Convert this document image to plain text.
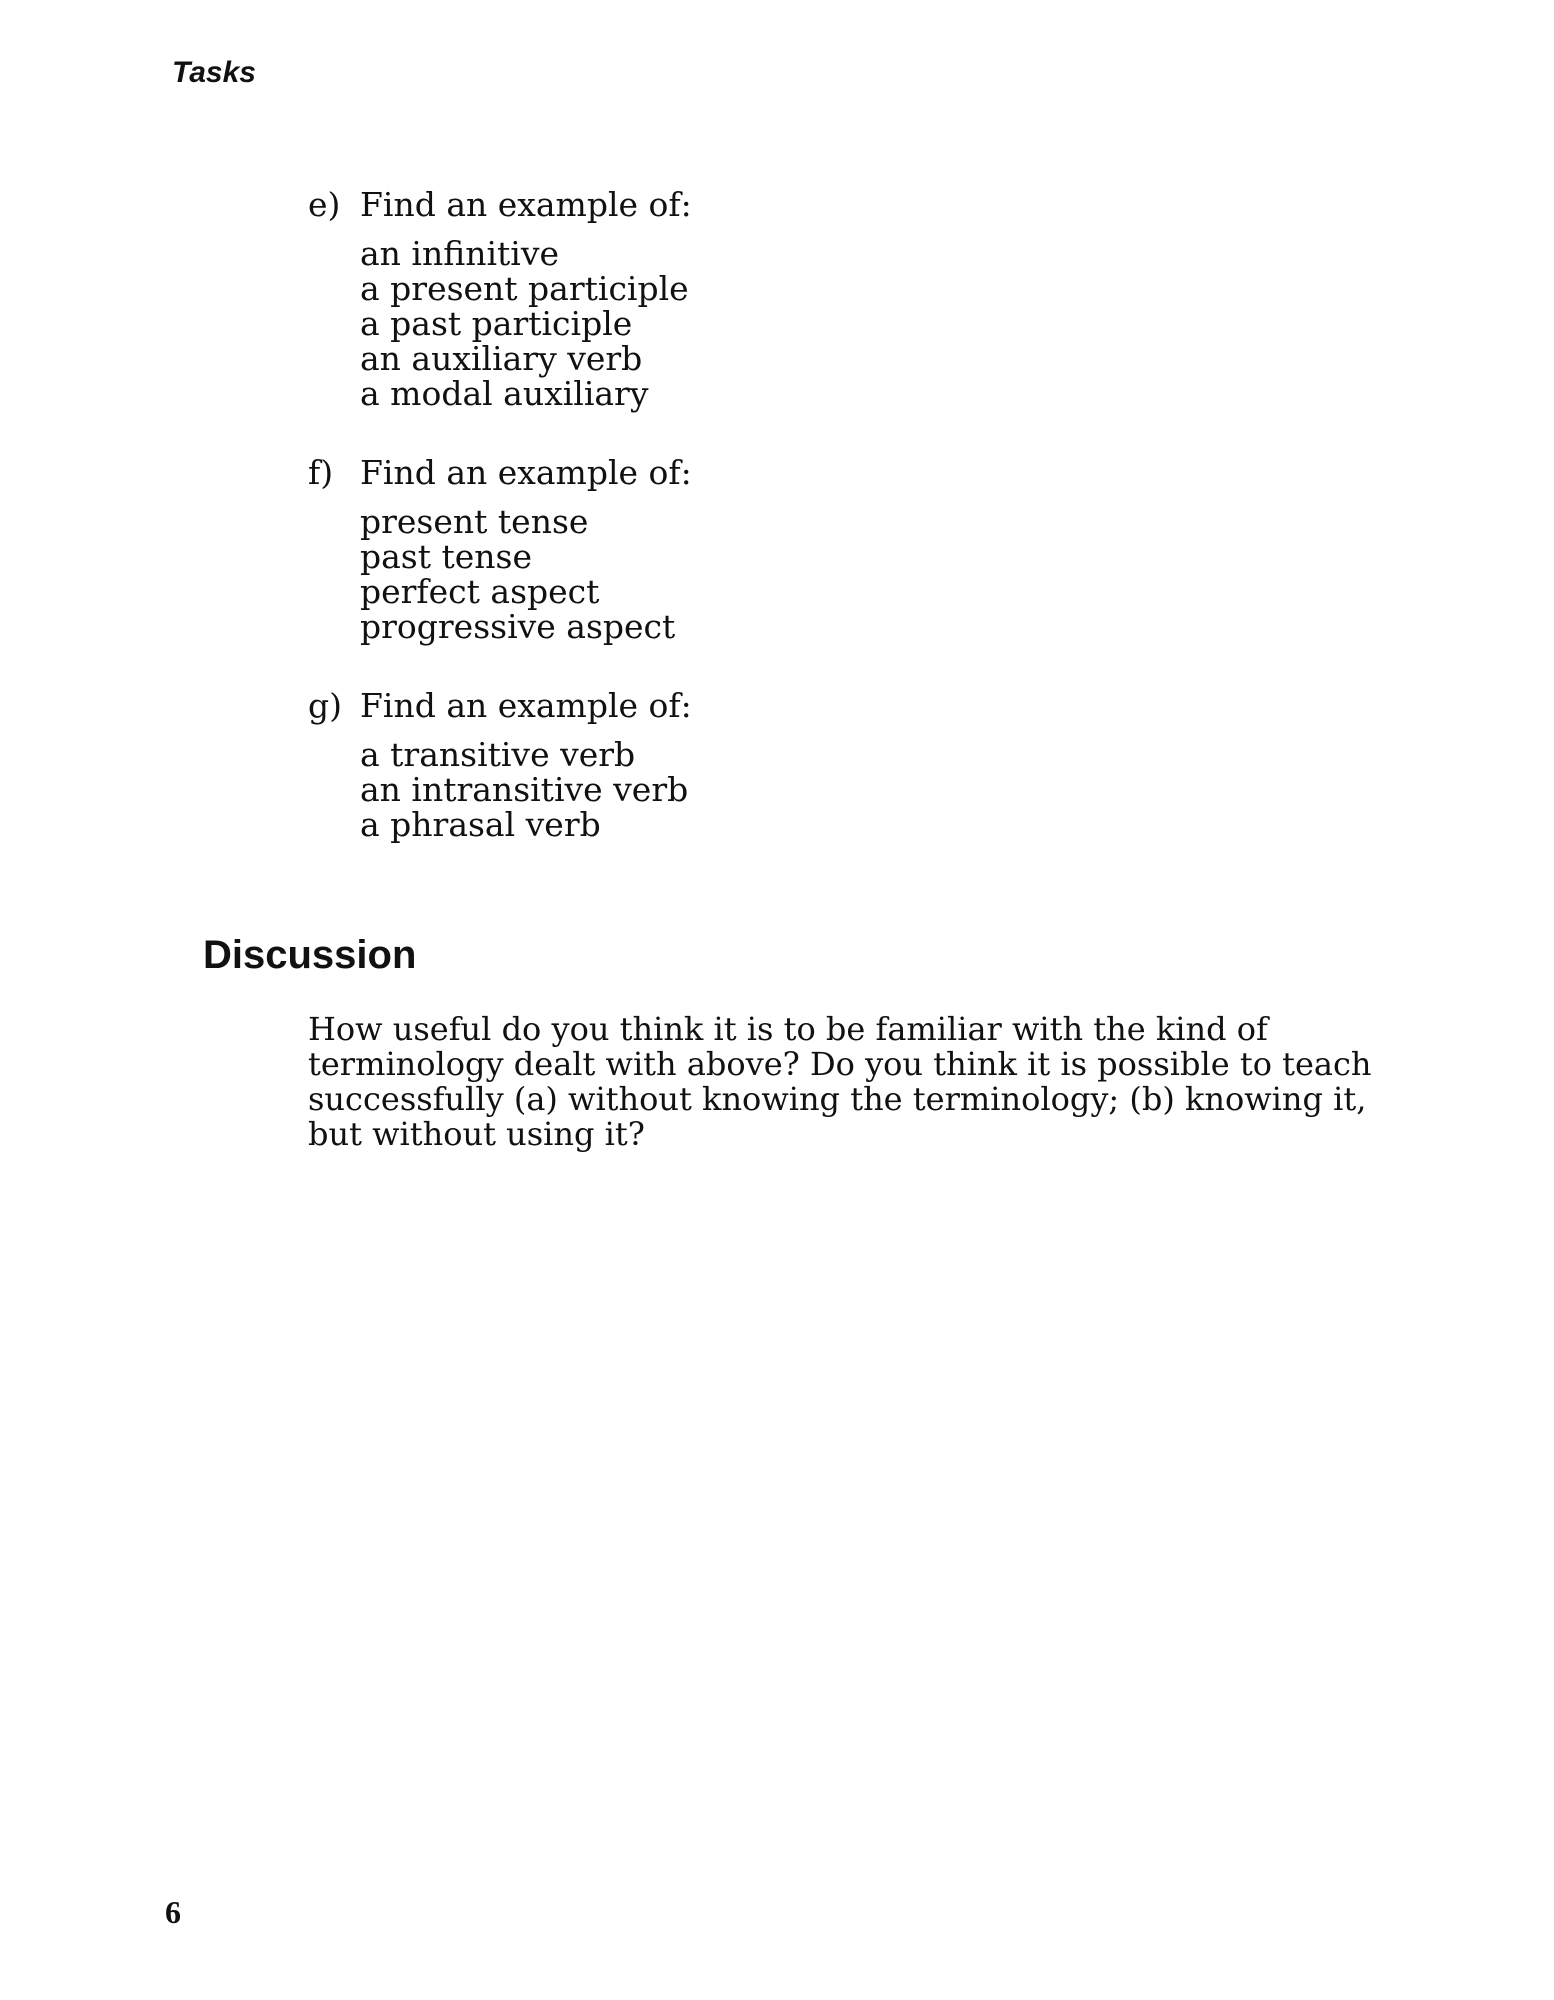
Tasks
e) Find an example of:
an infinitive
a present participle
a past participle
an auxiliary verb
a modal auxiliary
f) Find an example of:
present tense
past tense
perfect aspect
progressive aspect
g) Find an example of:
a transitive verb
an intransitive verb
a phrasal verb
Discussion

How useful do you think it is to be familiar with the kind of terminology dealt with above? Do you think it is possible to teach successfully (a) without knowing the terminology; (b) knowing it, but without using it?

6
